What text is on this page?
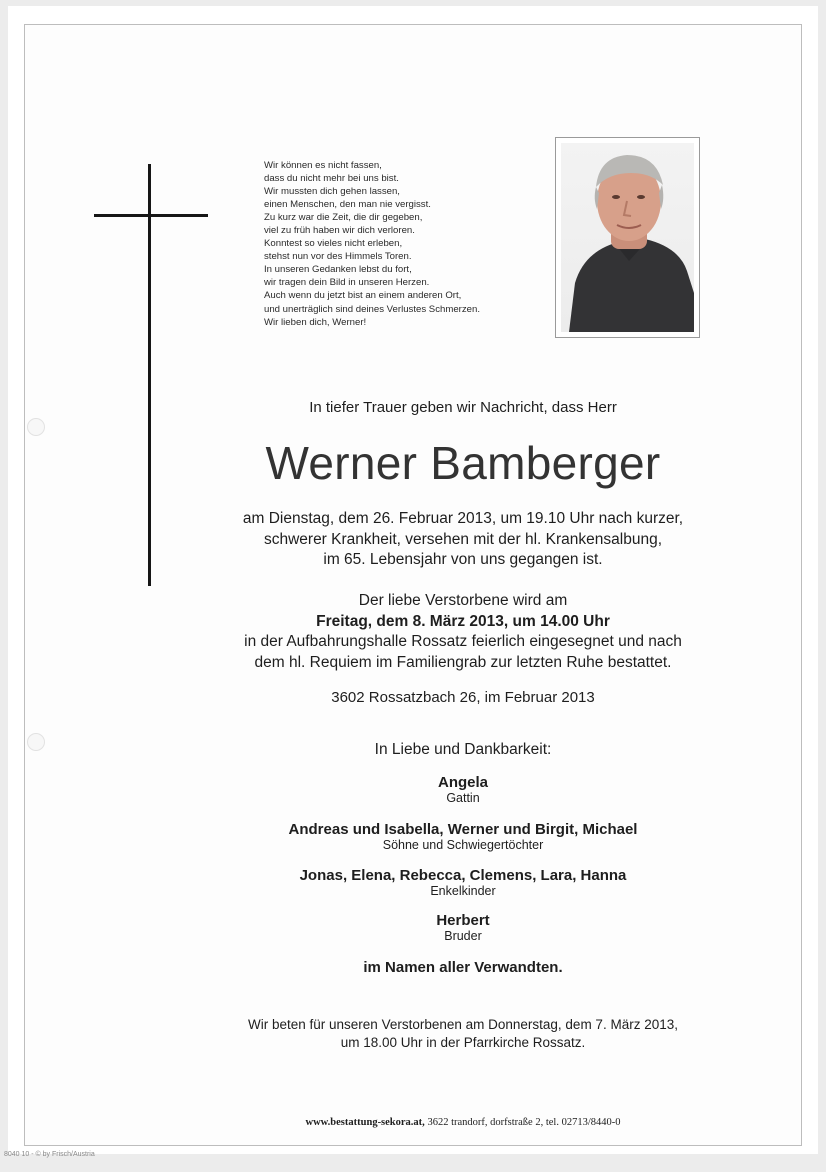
Wir können es nicht fassen,
dass du nicht mehr bei uns bist.
Wir mussten dich gehen lassen,
einen Menschen, den man nie vergisst.
Zu kurz war die Zeit, die dir gegeben,
viel zu früh haben wir dich verloren.
Konntest so vieles nicht erleben,
stehst nun vor des Himmels Toren.
In unseren Gedanken lebst du fort,
wir tragen dein Bild in unseren Herzen.
Auch wenn du jetzt bist an einem anderen Ort,
und unerträglich sind deines Verlustes Schmerzen.
Wir lieben dich, Werner!
In tiefer Trauer geben wir Nachricht, dass Herr
Werner Bamberger
am Dienstag, dem 26. Februar 2013, um 19.10 Uhr nach kurzer,
schwerer Krankheit, versehen mit der hl. Krankensalbung,
im 65. Lebensjahr von uns gegangen ist.
Der liebe Verstorbene wird am
Freitag, dem 8. März 2013, um 14.00 Uhr
in der Aufbahrungshalle Rossatz feierlich eingesegnet und nach
dem hl. Requiem im Familiengrab zur letzten Ruhe bestattet.
3602 Rossatzbach 26, im Februar 2013
In Liebe und Dankbarkeit:
Angela
Gattin
Andreas und Isabella, Werner und Birgit, Michael
Söhne und Schwiegertöchter
Jonas, Elena, Rebecca, Clemens, Lara, Hanna
Enkelkinder
Herbert
Bruder
im Namen aller Verwandten.
Wir beten für unseren Verstorbenen am Donnerstag, dem 7. März 2013,
um 18.00 Uhr in der Pfarrkirche Rossatz.
www.bestattung-sekora.at, 3622 trandorf, dorfstraße 2, tel. 02713/8440-0
8040 10 - © by Frisch/Austria
